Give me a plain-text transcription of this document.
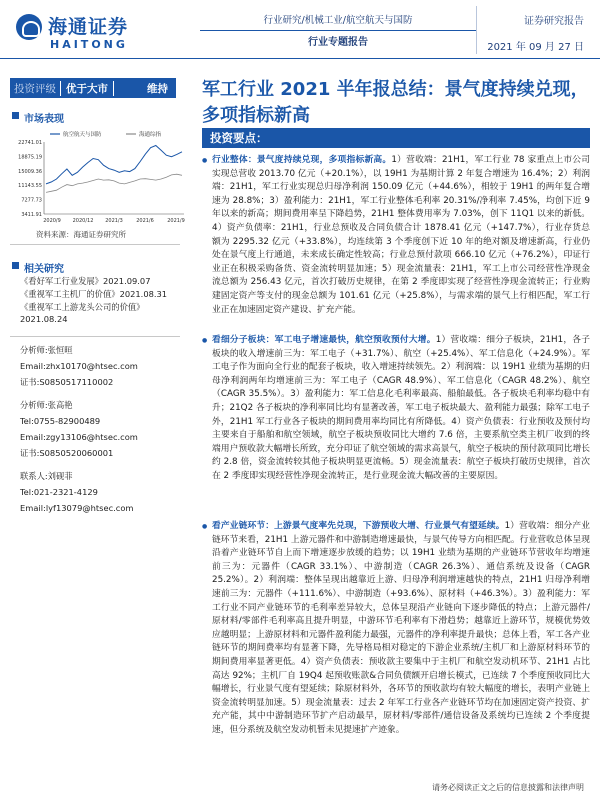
海通证券
HAITONG
行业研究/机械工业/航空航天与国防
行业专题报告
证券研究报告
2021 年 09 月 27 日
投资评级 优于大市	维持
市场表现
22741.01
18875.19
15009.36
11143.55
7277.73
3411.91
2020/9 2020/12 2021/3	2021/6	2021/9
航空航天与国防	海通综指
资料来源：海通证券研究所
相关研究
《看好军工行业发展》2021.09.07
《重视军工主机厂的价值》2021.08.31
《重视军工上游龙头公司的价值》
2021.08.24
分析师:张恒晅
Email:zhx10170@htsec.com
证书:S0850517110002
分析师:张高艳
Tel:0755-82900489
Email:zgy13106@htsec.com
证书:S0850520060001
联系人:刘砚菲
Tel:021-2321-4129
Email:lyf13079@htsec.com
军工行业 2021 半年报总结：景气度持续兑现，多项指标新高
投资要点：
● 行业整体：景气度持续兑现，多项指标新高。1）营收端：21H1，军工行业 78 家重点上市公司实现总营收 2013.70 亿元（+20.1%），以 19H1 为基期计算 2 年复合增速为 16.4%；2）利润端：21H1，军工行业实现总归母净利润 150.09 亿元（+44.6%），相较于 19H1 的两年复合增速为 28.8%；3）盈利能力：21H1，军工行业整体毛利率 20.31%/净利率 7.45%，均创下近 9 年以来的新高；期间费用率呈下降趋势，21H1 整体费用率为 7.03%，创下 11Q1 以来的新低。4）资产负债率：21H1，行业总预收及合同负债合计 1878.41 亿元（+147.7%），行业存货总额为 2295.32 亿元（+33.8%），均连续第 3 个季度创下近 10 年的绝对额及增速新高，行业仍处在景气度上行通道，未来成长确定性较高；行业总预付款项 666.10 亿元（+76.2%），印证行业正在积极采购备货、资金流转明显加速；5）现金流量表：21H1，军工上市公司经营性净现金流总额为 256.43 亿元，首次打破历史规律，在第 2 季度即实现了经营性净现金流转正；行业购建固定资产等支付的现金总额为 101.61 亿元（+25.8%），与需求端的景气上行相匹配，军工行业正在加速固定资产建设、扩充产能。
● 看细分子板块：军工电子增速最快，航空预收预付大增。1）营收端：细分子板块，21H1，各子板块的收入增速前三为：军工电子（+31.7%）、航空（+25.4%）、军工信息化（+24.9%）。军工电子作为面向全行业的配套子板块，收入增速持续领先。2）利润端：以 19H1 业绩为基期的归母净利润两年均增速前三为：军工电子（CAGR 48.9%）、军工信息化（CAGR 48.2%）、航空（CAGR 35.5%）。3）盈利能力：军工信息化毛利率最高、船舶最低。各子板块毛利率均稳中有升；21Q2 各子板块的净利率同比均有显著改善，军工电子板块最大、盈利能力最强；除军工电子外，21H1 军工行业各子板块的期间费用率均同比有所降低。4）资产负债表：行业预收及预付均主要来自于船舶和航空领域，航空子板块预收同比大增约 7.6 倍，主要系航空类主机厂收到的终端用户预收款大幅增长所致，充分印证了航空领域的需求高景气，航空子板块的预付款项同比增长约 2.8 倍，资金流转较其他子板块明显更流畅。5）现金流量表：航空子板块打破历史规律，首次在 2 季度即实现经营性净现金流转正，是行业现金流大幅改善的主要原因。
● 看产业链环节：上游景气度率先兑现，下游预收大增、行业景气有望延续。1）营收端：细分产业链环节来看，21H1 上游元器件和中游制造增速最快，与景气传导方向相匹配。行业营收总体呈现沿着产业链环节自上而下增速逐步放缓的趋势；以 19H1 业绩为基期的产业链环节营收年均增速前三为：元器件（CAGR 33.1%）、中游制造（CAGR 26.3%）、通信系统及设备（CAGR 25.2%）。2）利润端：整体呈现出越靠近上游、归母净利润增速越快的特点，21H1 归母净利增速前三为：元器件（+111.6%）、中游制造（+93.6%）、原材料（+46.3%）。3）盈利能力：军工行业不同产业链环节的毛利率差异较大，总体呈现沿产业链向下逐步降低的特点；上游元器件/原材料/零部件毛利率高且提升明显，中游环节毛利率有下滑趋势；越靠近上游环节，规模优势效应越明显；上游原材料和元器件盈利能力最强，元器件的净利率提升最快；总体上看，军工各产业链环节的期间费率均有显著下降，先导格局相对稳定的下游企业系统/主机厂和上游原材料环节的期间费用率显著更低。4）资产负债表：预收款主要集中于主机厂和航空发动机环节、21H1 占比高达 92%；主机厂自 19Q4 起预收账款&合同负债额开启增长模式，已连续 7 个季度预收同比大幅增长，行业景气度有望延续；除原材料外，各环节的预收款均有较大幅度的增长，表明产业链上资金流转明显加速。5）现金流量表：过去 2 年军工行业各产业链环节均在加速固定资产投资、扩充产能，其中中游制造环节扩产启动最早，原材料/零部件/通信设备及系统均已连续 2 个季度提速，但分系统及航空发动机暂未见提速扩产迹象。
请务必阅读正文之后的信息披露和法律声明
